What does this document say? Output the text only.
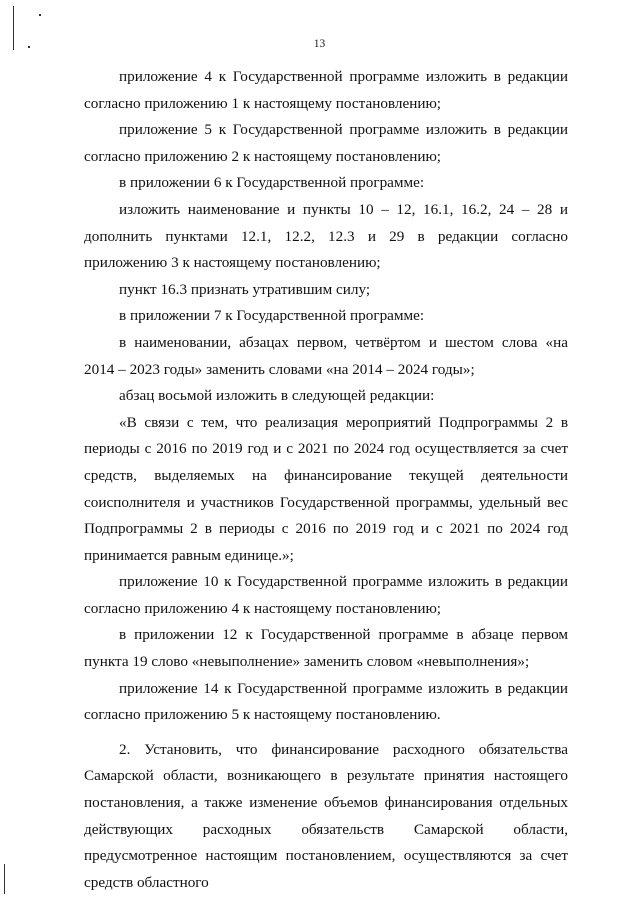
13

приложение 4 к Государственной программе изложить в редакции согласно приложению 1 к настоящему постановлению;

приложение 5 к Государственной программе изложить в редакции согласно приложению 2 к настоящему постановлению;

в приложении 6 к Государственной программе:

изложить наименование и пункты 10 – 12, 16.1, 16.2, 24 – 28 и дополнить пунктами 12.1, 12.2, 12.3 и 29 в редакции согласно приложению 3 к настоящему постановлению;

пункт 16.3 признать утратившим силу;

в приложении 7 к Государственной программе:

в наименовании, абзацах первом, четвёртом и шестом слова «на 2014 – 2023 годы» заменить словами «на 2014 – 2024 годы»;

абзац восьмой изложить в следующей редакции:

«В связи с тем, что реализация мероприятий Подпрограммы 2 в периоды с 2016 по 2019 год и с 2021 по 2024 год осуществляется за счет средств, выделяемых на финансирование текущей деятельности соисполнителя и участников Государственной программы, удельный вес Подпрограммы 2 в периоды с 2016 по 2019 год и с 2021 по 2024 год принимается равным единице.»;

приложение 10 к Государственной программе изложить в редакции согласно приложению 4 к настоящему постановлению;

в приложении 12 к Государственной программе в абзаце первом пункта 19 слово «невыполнение» заменить словом «невыполнения»;

приложение 14 к Государственной программе изложить в редакции согласно приложению 5 к настоящему постановлению.

2. Установить, что финансирование расходного обязательства Самарской области, возникающего в результате принятия настоящего постановления, а также изменение объемов финансирования отдельных действующих расходных обязательств Самарской области, предусмотренное настоящим постановлением, осуществляются за счет средств областного
